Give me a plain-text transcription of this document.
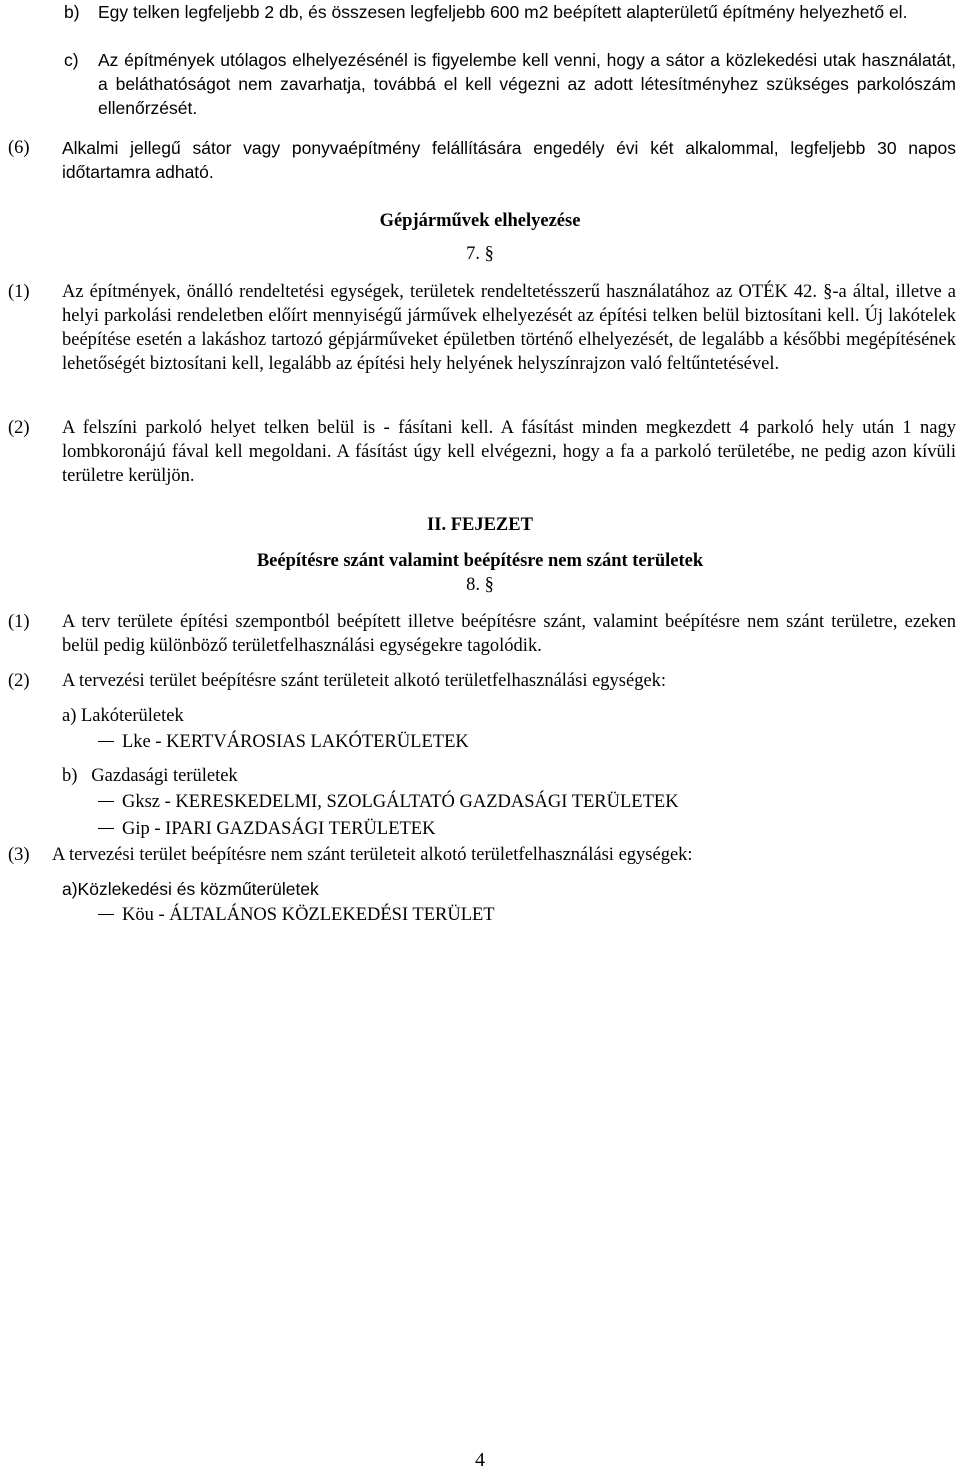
b) Egy telken legfeljebb 2 db, és összesen legfeljebb 600 m2 beépített alapterületű építmény helyezhető el.
c) Az építmények utólagos elhelyezésénél is figyelembe kell venni, hogy a sátor a közlekedési utak használatát, a beláthatóságot nem zavarhatja, továbbá el kell végezni az adott létesítményhez szükséges parkolószám ellenőrzését.
(6) Alkalmi jellegű sátor vagy ponyvaépítmény felállítására engedély évi két alkalommal, legfeljebb 30 napos időtartamra adható.
Gépjárművek elhelyezése
7. §
(1) Az építmények, önálló rendeltetési egységek, területek rendeltetésszerű használatához az OTÉK 42. §-a által, illetve a helyi parkolási rendeletben előírt mennyiségű járművek elhelyezését az építési telken belül biztosítani kell. Új lakótelek beépítése esetén a lakáshoz tartozó gépjárműveket épületben történő elhelyezését, de legalább a későbbi megépítésének lehetőségét biztosítani kell, legalább az építési hely helyének helyszínrajzon való feltűntetésével.
(2) A felszíni parkoló helyet telken belül is - fásítani kell. A fásítást minden megkezdett 4 parkoló hely után 1 nagy lombkoronájú fával kell megoldani. A fásítást úgy kell elvégezni, hogy a fa a parkoló területébe, ne pedig azon kívüli területre kerüljön.
II. FEJEZET
Beépítésre szánt valamint beépítésre nem szánt területek
8. §
(1) A terv területe építési szempontból beépített illetve beépítésre szánt, valamint beépítésre nem szánt területre, ezeken belül pedig különböző területfelhasználási egységekre tagolódik.
(2) A tervezési terület beépítésre szánt területeit alkotó területfelhasználási egységek:
a) Lakóterületek
Lke - KERTVÁROSIAS LAKÓTERÜLETEK
b)   Gazdasági területek
Gksz - KERESKEDELMI, SZOLGÁLTATÓ GAZDASÁGI TERÜLETEK
Gip - IPARI GAZDASÁGI TERÜLETEK
(3) A tervezési terület beépítésre nem szánt területeit alkotó területfelhasználási egységek:
a)Közlekedési és közműterületek
Köu - ÁLTALÁNOS KÖZLEKEDÉSI TERÜLET
4
